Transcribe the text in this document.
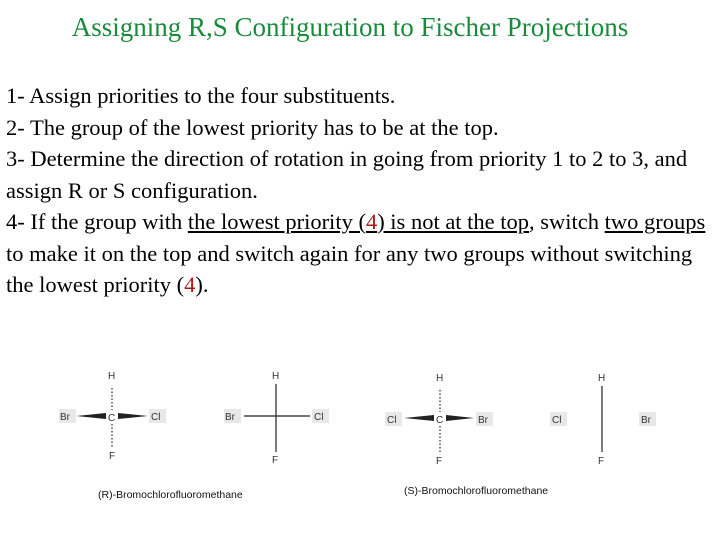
Assigning R,S Configuration to Fischer Projections

1- Assign priorities to the four substituents.

2- The group of the lowest priority has to be at the top.

3- Determine the direction of rotation in going from priority 1 to 2 to 3, and assign R or S configuration.

4- If the group with the lowest priority (4) is not at the top, switch two groups to make it on the top and switch again for any two groups without switching the lowest priority (4).

H
Br	C	Cl
F
H
Br	Cl
F
H
Cl	C	Br
F
H
Cl	Br
F
(R)-Bromochlorofluoromethane	(S)-Bromochlorofluoromethane
